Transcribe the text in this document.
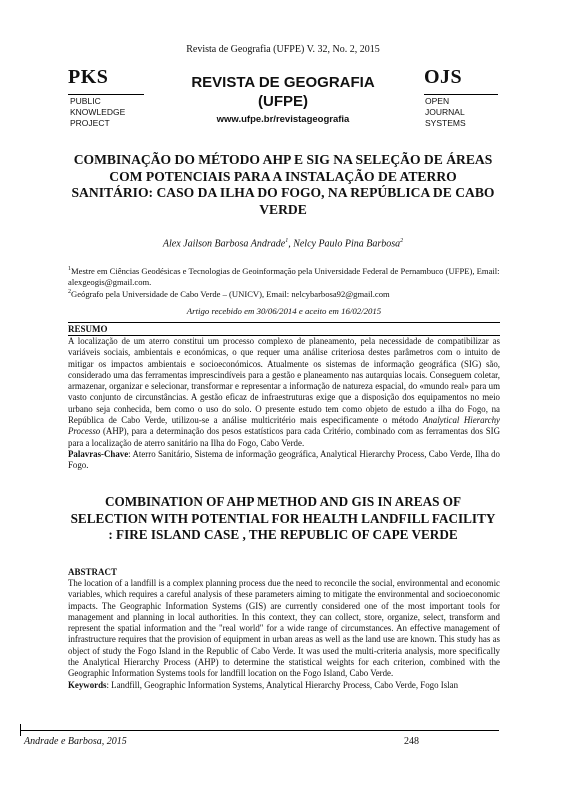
Revista de Geografia (UFPE) V. 32, No. 2, 2015
PKS
PUBLIC
KNOWLEDGE
PROJECT
REVISTA DE GEOGRAFIA
(UFPE)
www.ufpe.br/revistageografia
OJS
OPEN
JOURNAL
SYSTEMS
COMBINAÇÃO DO MÉTODO AHP E SIG NA SELEÇÃO DE ÁREAS COM POTENCIAIS PARA A INSTALAÇÃO DE ATERRO SANITÁRIO: CASO DA ILHA DO FOGO, NA REPÚBLICA DE CABO VERDE
Alex Jailson Barbosa Andrade$^1$, Nelcy Paulo Pina Barbosa$^2$
$^1$Mestre em Ciências Geodésicas e Tecnologias de Geoinformação pela Universidade Federal de Pernambuco (UFPE), Email: alexgeogis@gmail.com.
$^2$Geógrafo pela Universidade de Cabo Verde – (UNICV), Email: nelcybarbosa92@gmail.com
Artigo recebido em 30/06/2014 e aceito em 16/02/2015
RESUMO
A localização de um aterro constitui um processo complexo de planeamento, pela necessidade de compatibilizar as variáveis sociais, ambientais e económicas, o que requer uma análise criteriosa destes parâmetros com o intuito de mitigar os impactos ambientais e socioeconómicos. Atualmente os sistemas de informação geográfica (SIG) são, considerado uma das ferramentas imprescindíveis para a gestão e planeamento nas autarquias locais. Conseguem coletar, armazenar, organizar e selecionar, transformar e representar a informação de natureza espacial, do «mundo real» para um vasto conjunto de circunstâncias. A gestão eficaz de infraestruturas exige que a disposição dos equipamentos no meio urbano seja conhecida, bem como o uso do solo. O presente estudo tem como objeto de estudo a ilha do Fogo, na República de Cabo Verde, utilizou-se a análise multicritério mais especificamente o método Analytical Hierarchy Processo (AHP), para a determinação dos pesos estatísticos para cada Critério, combinado com as ferramentas dos SIG para a localização de aterro sanitário na Ilha do Fogo, Cabo Verde.
Palavras-Chave: Aterro Sanitário, Sistema de informação geográfica, Analytical Hierarchy Process, Cabo Verde, Ilha do Fogo.
COMBINATION OF AHP METHOD AND GIS IN AREAS OF SELECTION WITH POTENTIAL FOR HEALTH LANDFILL FACILITY : FIRE ISLAND CASE , THE REPUBLIC OF CAPE VERDE
ABSTRACT
The location of a landfill is a complex planning process due the need to reconcile the social, environmental and economic variables, which requires a careful analysis of these parameters aiming to mitigate the environmental and socioeconomic impacts. The Geographic Information Systems (GIS) are currently considered one of the most important tools for management and planning in local authorities. In this context, they can collect, store, organize, select, transform and represent the spatial information and the "real world" for a wide range of circumstances. An effective management of infrastructure requires that the provision of equipment in urban areas as well as the land use are known. This study has as object of study the Fogo Island in the Republic of Cabo Verde. It was used the multi-criteria analysis, more specifically the Analytical Hierarchy Process (AHP) to determine the statistical weights for each criterion, combined with the Geographic Information Systems tools for landfill location on the Fogo Island, Cabo Verde.
Keywords: Landfill, Geographic Information Systems, Analytical Hierarchy Process, Cabo Verde, Fogo Islan
Andrade e Barbosa, 2015	248
